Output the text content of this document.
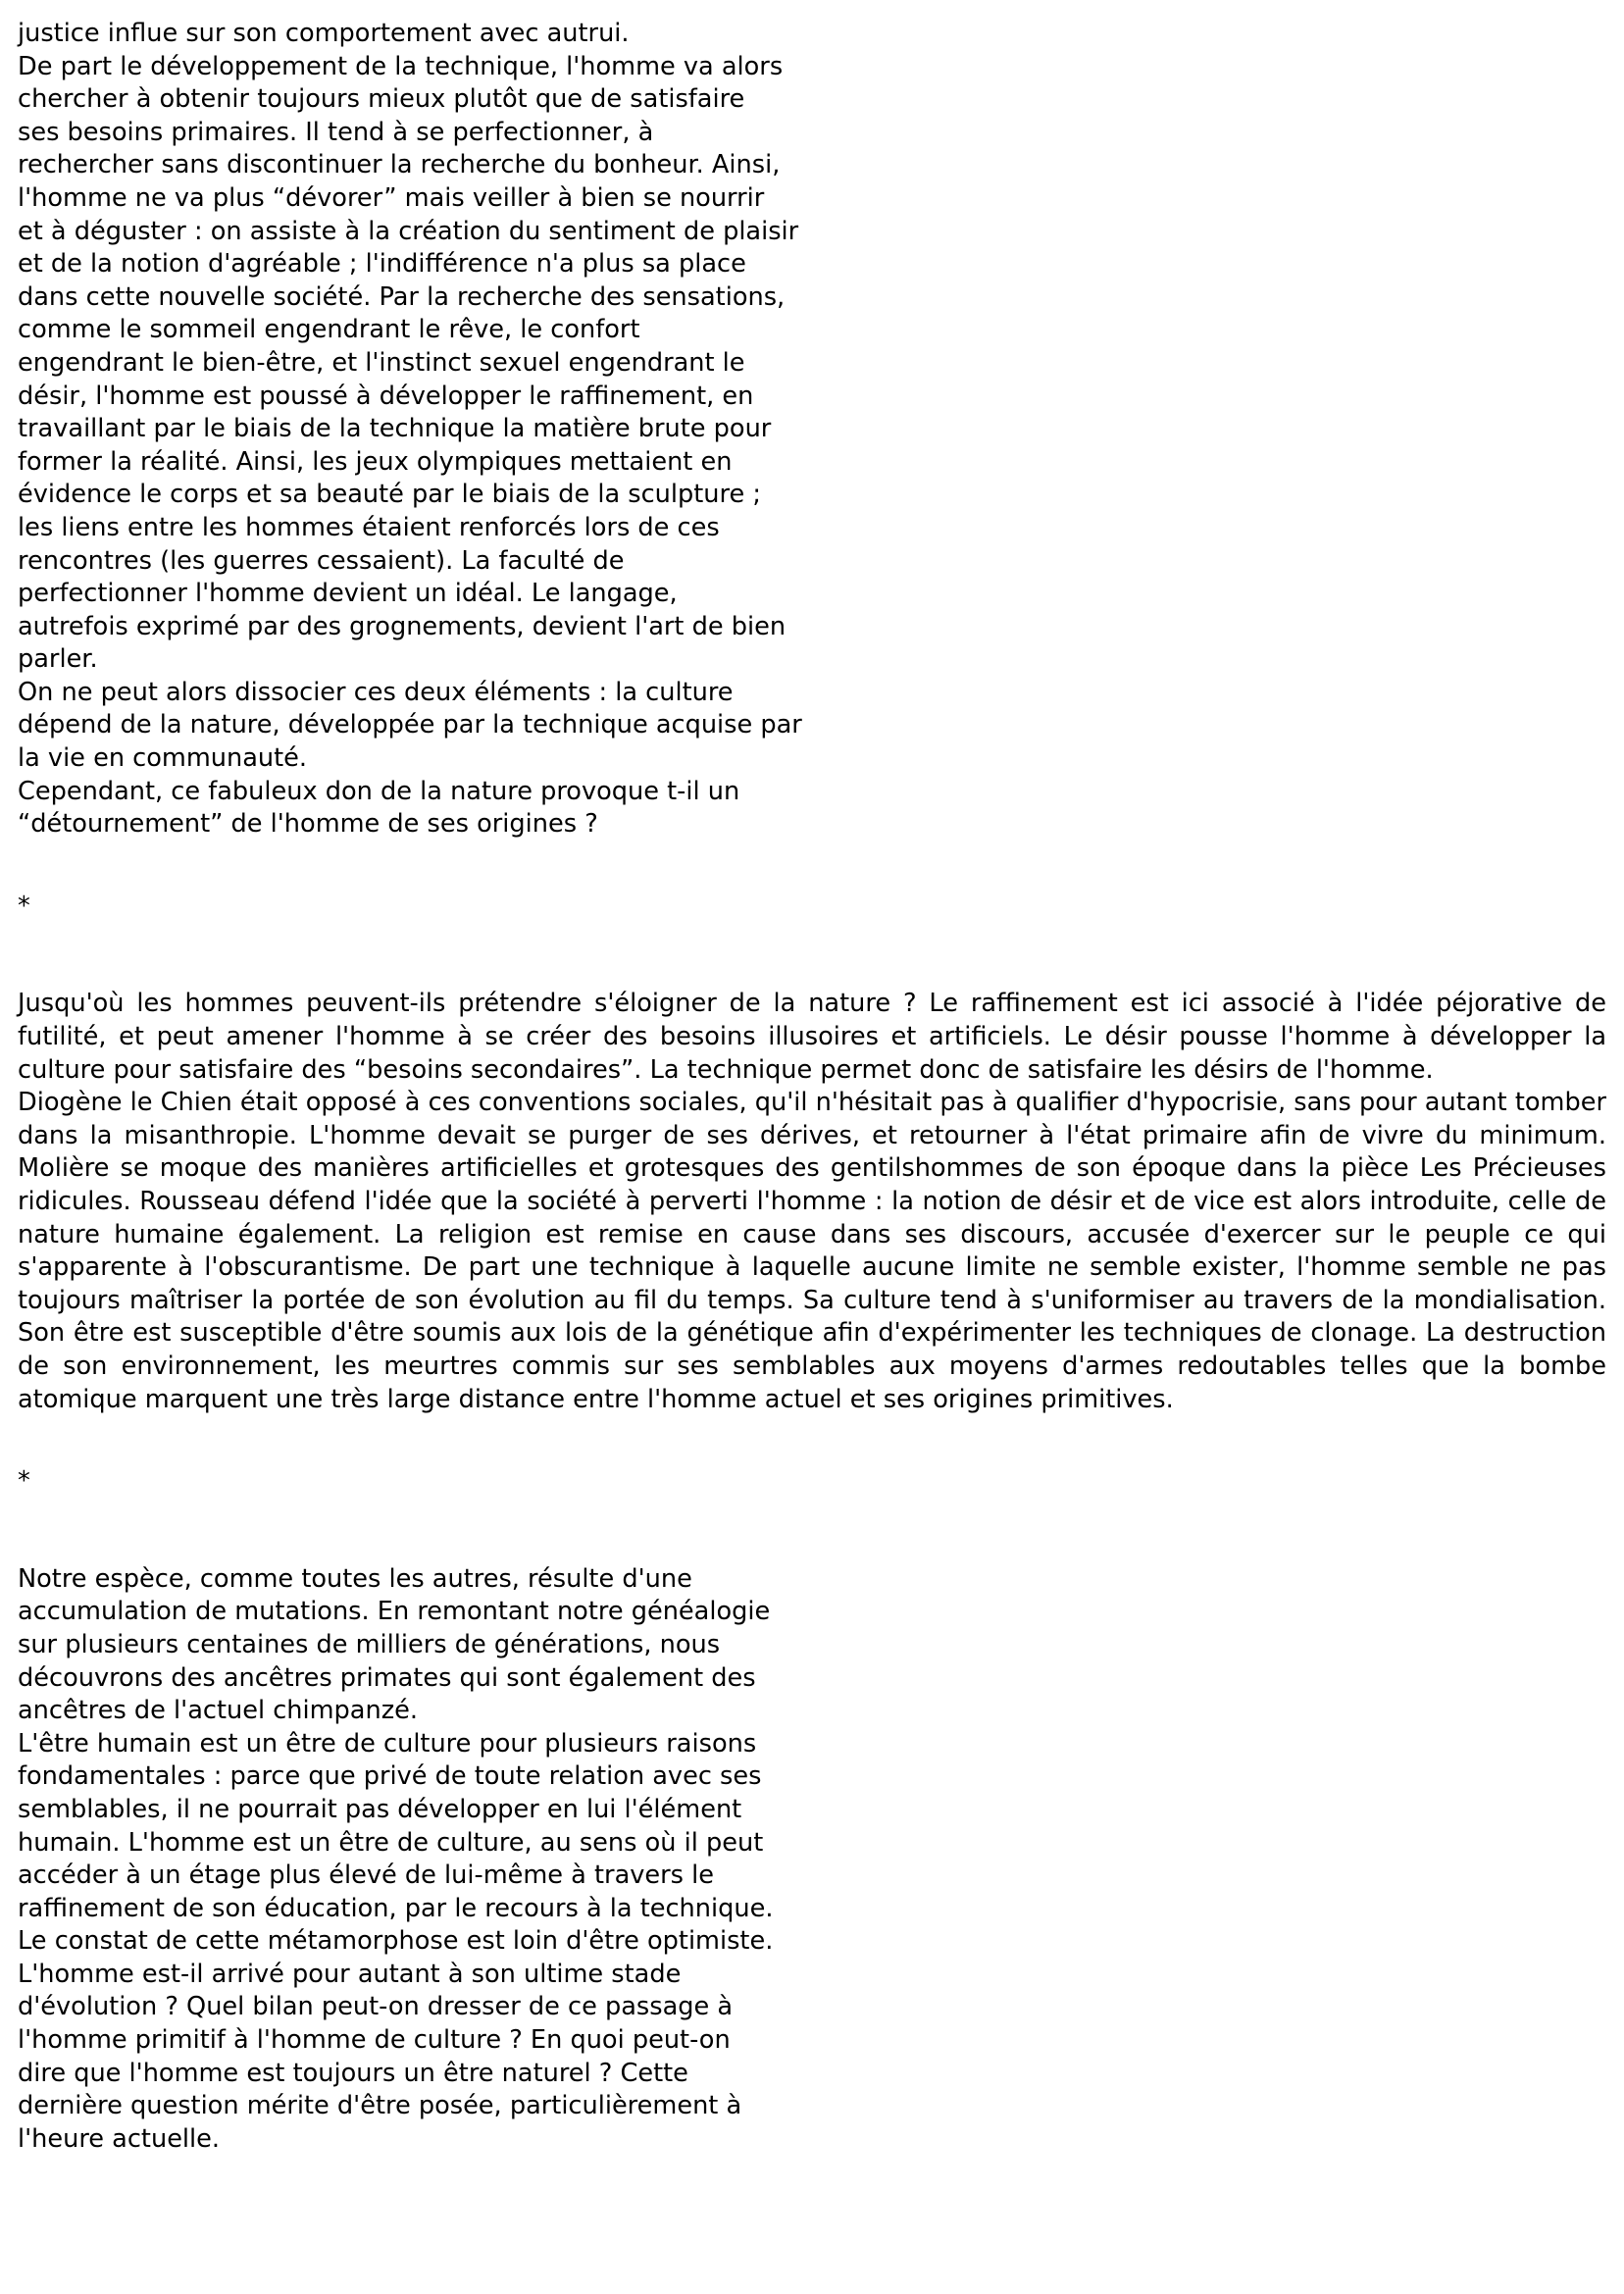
justice influe sur son comportement avec autrui.
De part le développement de la technique, l'homme va alors
chercher à obtenir toujours mieux plutôt que de satisfaire
ses besoins primaires. Il tend à se perfectionner, à
rechercher sans discontinuer la recherche du bonheur. Ainsi,
l'homme ne va plus “dévorer” mais veiller à bien se nourrir
et à déguster : on assiste à la création du sentiment de plaisir
et de la notion d'agréable ; l'indifférence n'a plus sa place
dans cette nouvelle société. Par la recherche des sensations,
comme le sommeil engendrant le rêve, le confort
engendrant le bien-être, et l'instinct sexuel engendrant le
désir, l'homme est poussé à développer le raffinement, en
travaillant par le biais de la technique la matière brute pour
former la réalité. Ainsi, les jeux olympiques mettaient en
évidence le corps et sa beauté par le biais de la sculpture ;
les liens entre les hommes étaient renforcés lors de ces
rencontres (les guerres cessaient). La faculté de
perfectionner l'homme devient un idéal. Le langage,
autrefois exprimé par des grognements, devient l'art de bien
parler.
On ne peut alors dissocier ces deux éléments : la culture
dépend de la nature, développée par la technique acquise par
la vie en communauté.
Cependant, ce fabuleux don de la nature provoque t-il un
“détournement” de l'homme de ses origines ?

*

Jusqu'où les hommes peuvent-ils prétendre s'éloigner de la nature ? Le raffinement est ici associé à l'idée péjorative de futilité, et peut amener l'homme à se créer des besoins illusoires et artificiels. Le désir pousse l'homme à développer la culture pour satisfaire des “besoins secondaires”. La technique permet donc de satisfaire les désirs de l'homme.

Diogène le Chien était opposé à ces conventions sociales, qu'il n'hésitait pas à qualifier d'hypocrisie, sans pour autant tomber dans la misanthropie. L'homme devait se purger de ses dérives, et retourner à l'état primaire afin de vivre du minimum. Molière se moque des manières artificielles et grotesques des gentilshommes de son époque dans la pièce Les Précieuses ridicules. Rousseau défend l'idée que la société à perverti l'homme : la notion de désir et de vice est alors introduite, celle de nature humaine également. La religion est remise en cause dans ses discours, accusée d'exercer sur le peuple ce qui s'apparente à l'obscurantisme. De part une technique à laquelle aucune limite ne semble exister, l'homme semble ne pas toujours maîtriser la portée de son évolution au fil du temps. Sa culture tend à s'uniformiser au travers de la mondialisation. Son être est susceptible d'être soumis aux lois de la génétique afin d'expérimenter les techniques de clonage. La destruction de son environnement, les meurtres commis sur ses semblables aux moyens d'armes redoutables telles que la bombe atomique marquent une très large distance entre l'homme actuel et ses origines primitives.

*

Notre espèce, comme toutes les autres, résulte d'une
accumulation de mutations. En remontant notre généalogie
sur plusieurs centaines de milliers de générations, nous
découvrons des ancêtres primates qui sont également des
ancêtres de l'actuel chimpanzé.
L'être humain est un être de culture pour plusieurs raisons
fondamentales : parce que privé de toute relation avec ses
semblables, il ne pourrait pas développer en lui l'élément
humain. L'homme est un être de culture, au sens où il peut
accéder à un étage plus élevé de lui-même à travers le
raffinement de son éducation, par le recours à la technique.
Le constat de cette métamorphose est loin d'être optimiste.
L'homme est-il arrivé pour autant à son ultime stade
d'évolution ? Quel bilan peut-on dresser de ce passage à
l'homme primitif à l'homme de culture ? En quoi peut-on
dire que l'homme est toujours un être naturel ? Cette
dernière question mérite d'être posée, particulièrement à
l'heure actuelle.
